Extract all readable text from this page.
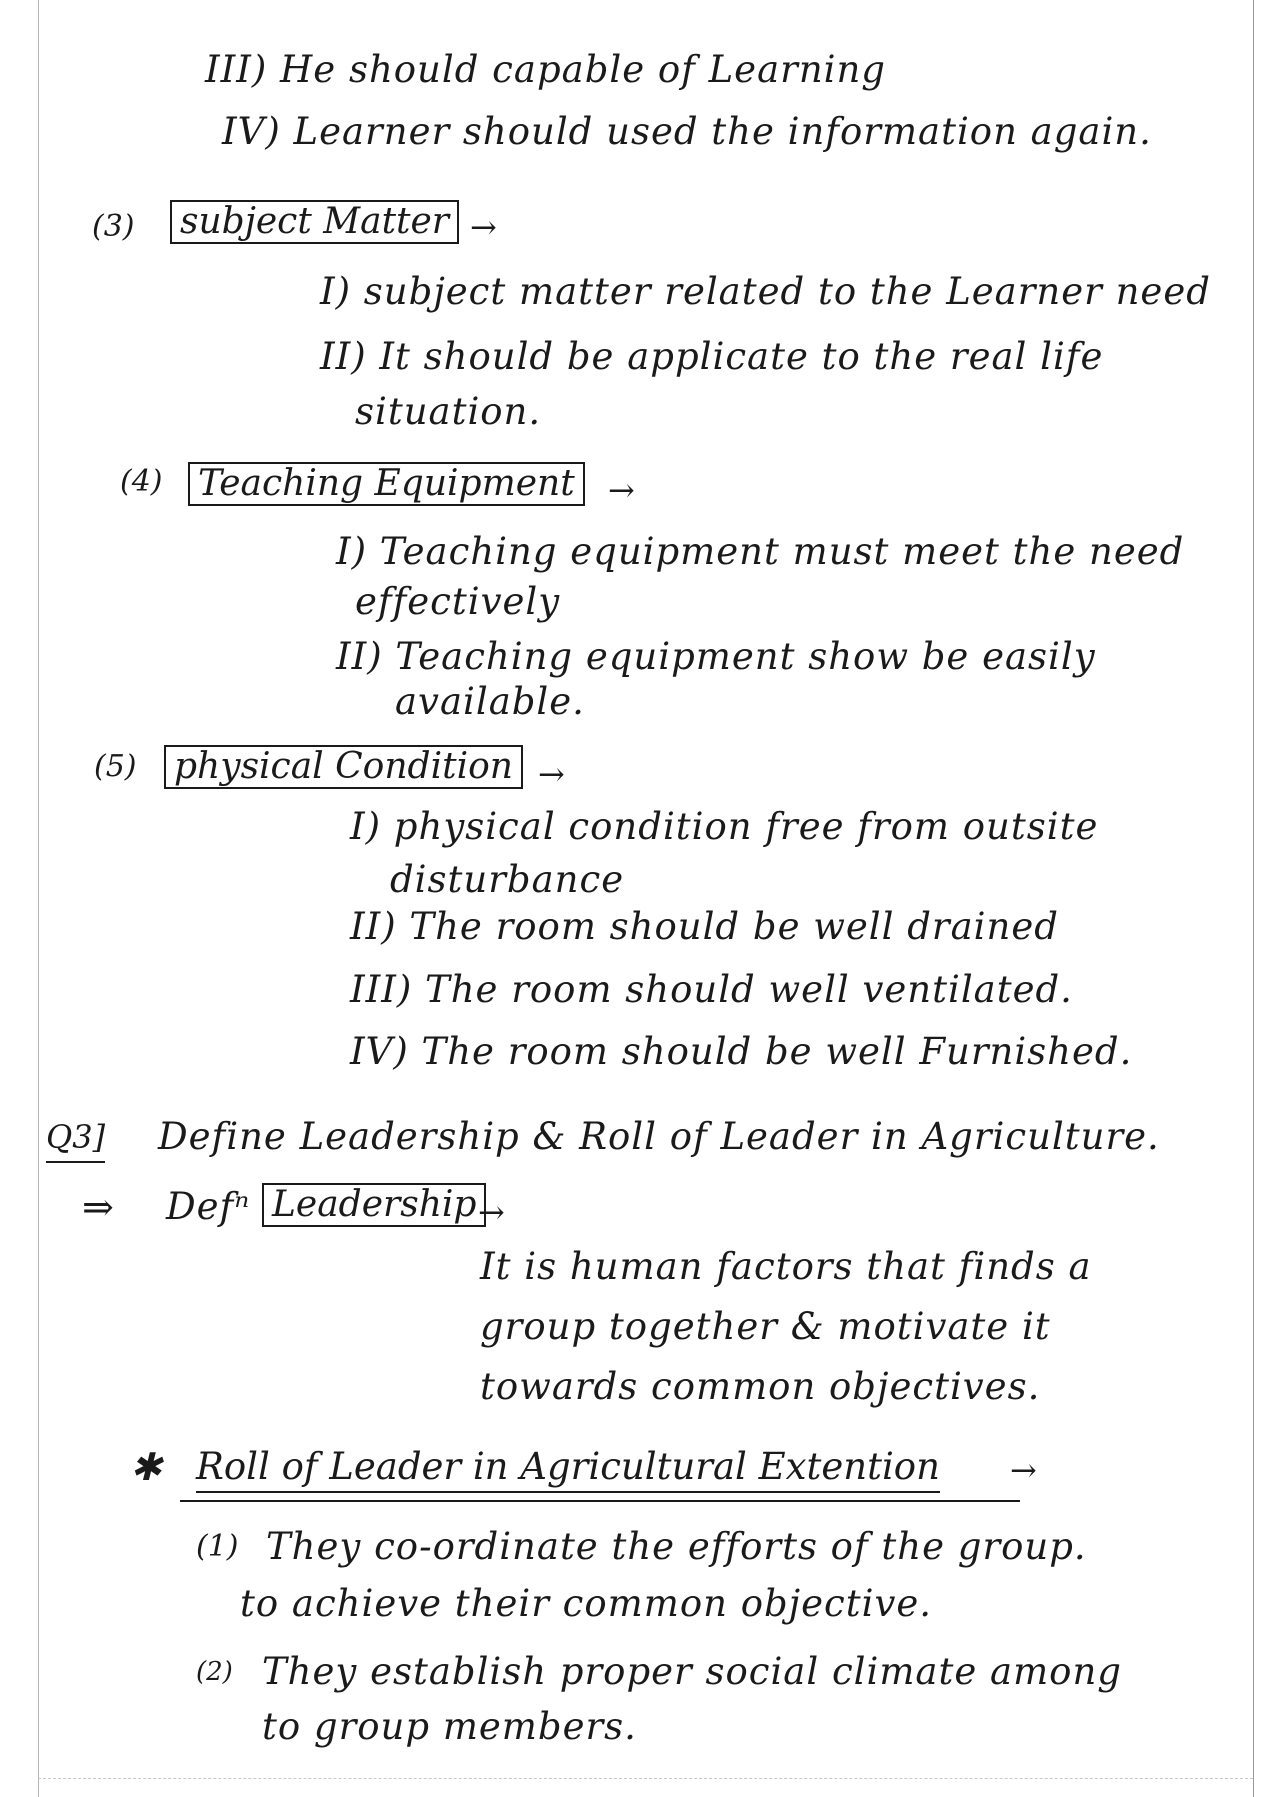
III) He should capable of Learning
IV) Learner should used the information again.
(3) subject Matter →
I) subject matter related to the Learner need
II) It should be applicate to the real life
situation.
(4) Teaching Equipment	→
I) Teaching equipment must meet the need
effectively
II) Teaching equipment show be easily
available.
(5) physical Condition →
I) physical condition free from outsite
disturbance
II) The room should be well drained
III) The room should well ventilated.
IV) The room should be well Furnished.
Q3] Define Leadership & Roll of Leader in Agriculture.
⇒ Defⁿ Leadership →
It is human factors that finds a
group together & motivate it
towards common objectives.
✱ Roll of Leader in Agricultural Extention →
(1) They co-ordinate the efforts of the group.
to achieve their common objective.
(2) They establish proper social climate among
to group members.
